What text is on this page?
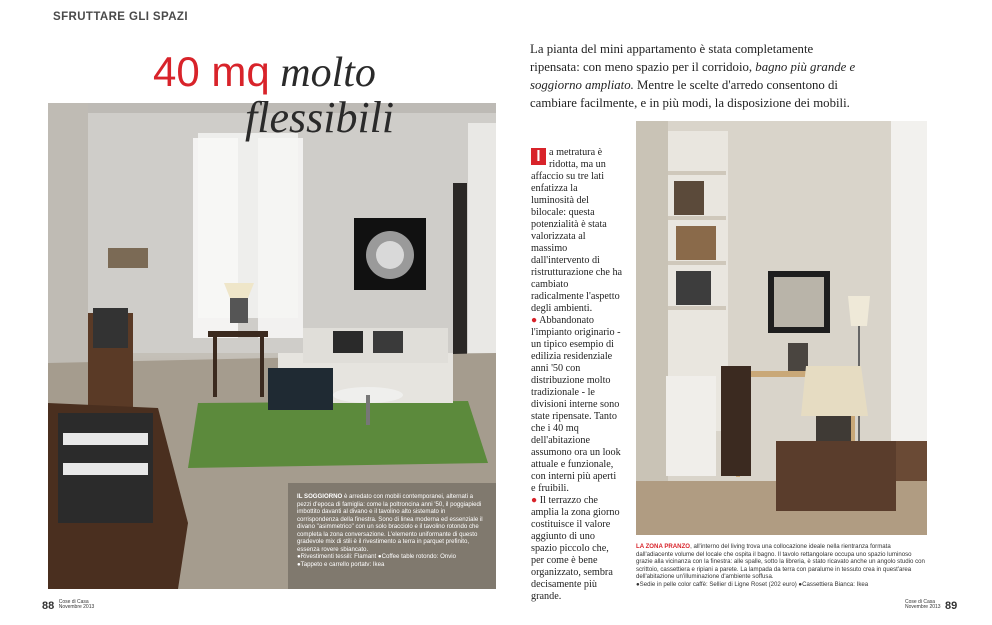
SFRUTTARE GLI SPAZI
40 mq molto
flessibili
La pianta del mini appartamento è stata completamente ripensata: con meno spazio per il corridoio, bagno più grande e soggiorno ampliato. Mentre le scelte d'arredo consentono di cambiare facilmente, e in più modi, la disposizione dei mobili.
l a metratura è ridotta, ma un affaccio su tre lati enfatizza la luminosità del bilocale: questa potenzialità è stata valorizzata al massimo dall'intervento di ristrutturazione che ha cambiato radicalmente l'aspetto degli ambienti.
● Abbandonato l'impianto originario - un tipico esempio di edilizia residenziale anni '50 con distribuzione molto tradizionale - le divisioni interne sono state ripensate. Tanto che i 40 mq dell'abitazione assumono ora un look attuale e funzionale, con interni più aperti e fruibili.
● Il terrazzo che amplia la zona giorno costituisce il valore aggiunto di uno spazio piccolo che, per come è bene organizzato, sembra decisamente più grande.
IL SOGGIORNO è arredato con mobili contemporanei, alternati a pezzi d'epoca di famiglia: come la poltroncina anni '50, il poggiapiedi imbottito davanti al divano e il tavolino alto sistemato in corrispondenza della finestra. Sono di linea moderna ed essenziale il divano "asimmetrico" con un solo bracciolo e il tavolino rotondo che completa la zona conversazione. L'elemento uniformante di questo gradevole mix di stili è il rivestimento a terra in parquet prefinito, essenza rovere sbiancato.
●Rivestimenti tessili: Flamant ●Coffee table rotondo: Onvio
●Tappeto e carrello portatv: Ikea
LA ZONA PRANZO, all'interno del living trova una collocazione ideale nella rientranza formata dall'adiacente volume del locale che ospita il bagno. Il tavolo rettangolare occupa uno spazio luminoso grazie alla vicinanza con la finestra: alle spalle, sotto la libreria, è stato ricavato anche un angolo studio con scrittoio, cassettiera e ripiani a parete. La lampada da terra con paralume in tessuto crea in quest'area dell'abitazione un'illuminazione d'ambiente soffusa.
●Sedie in pelle color caffè: Sellier di Ligne Roset (202 euro) ●Cassettiera Bianca: Ikea
88 Cose di Casa
Novembre 2013
Cose di Casa
Novembre 2013 89
